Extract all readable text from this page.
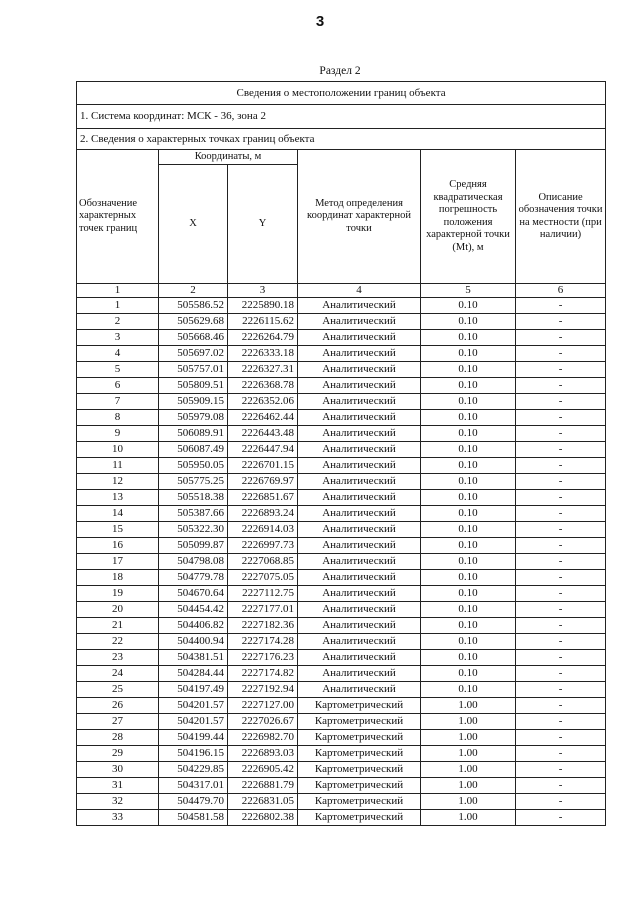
3
Раздел 2
Сведения о местоположении границ объекта					
1. Система координат: МСК - 36, зона 2					
2. Сведения о характерных точках границ объекта					
Обозначение характерных точек границ	Координаты, м		Метод определения координат характерной точки	Средняя квадратическая погрешность положения характерной точки (Mt), м	Описание обозначения точки на местности (при наличии)
	X	Y			
1	2	3	4	5	6
1	505586.52	2225890.18	Аналитический	0.10	-
2	505629.68	2226115.62	Аналитический	0.10	-
3	505668.46	2226264.79	Аналитический	0.10	-
4	505697.02	2226333.18	Аналитический	0.10	-
5	505757.01	2226327.31	Аналитический	0.10	-
6	505809.51	2226368.78	Аналитический	0.10	-
7	505909.15	2226352.06	Аналитический	0.10	-
8	505979.08	2226462.44	Аналитический	0.10	-
9	506089.91	2226443.48	Аналитический	0.10	-
10	506087.49	2226447.94	Аналитический	0.10	-
11	505950.05	2226701.15	Аналитический	0.10	-
12	505775.25	2226769.97	Аналитический	0.10	-
13	505518.38	2226851.67	Аналитический	0.10	-
14	505387.66	2226893.24	Аналитический	0.10	-
15	505322.30	2226914.03	Аналитический	0.10	-
16	505099.87	2226997.73	Аналитический	0.10	-
17	504798.08	2227068.85	Аналитический	0.10	-
18	504779.78	2227075.05	Аналитический	0.10	-
19	504670.64	2227112.75	Аналитический	0.10	-
20	504454.42	2227177.01	Аналитический	0.10	-
21	504406.82	2227182.36	Аналитический	0.10	-
22	504400.94	2227174.28	Аналитический	0.10	-
23	504381.51	2227176.23	Аналитический	0.10	-
24	504284.44	2227174.82	Аналитический	0.10	-
25	504197.49	2227192.94	Аналитический	0.10	-
26	504201.57	2227127.00	Картометрический	1.00	-
27	504201.57	2227026.67	Картометрический	1.00	-
28	504199.44	2226982.70	Картометрический	1.00	-
29	504196.15	2226893.03	Картометрический	1.00	-
30	504229.85	2226905.42	Картометрический	1.00	-
31	504317.01	2226881.79	Картометрический	1.00	-
32	504479.70	2226831.05	Картометрический	1.00	-
33	504581.58	2226802.38	Картометрический	1.00	-
